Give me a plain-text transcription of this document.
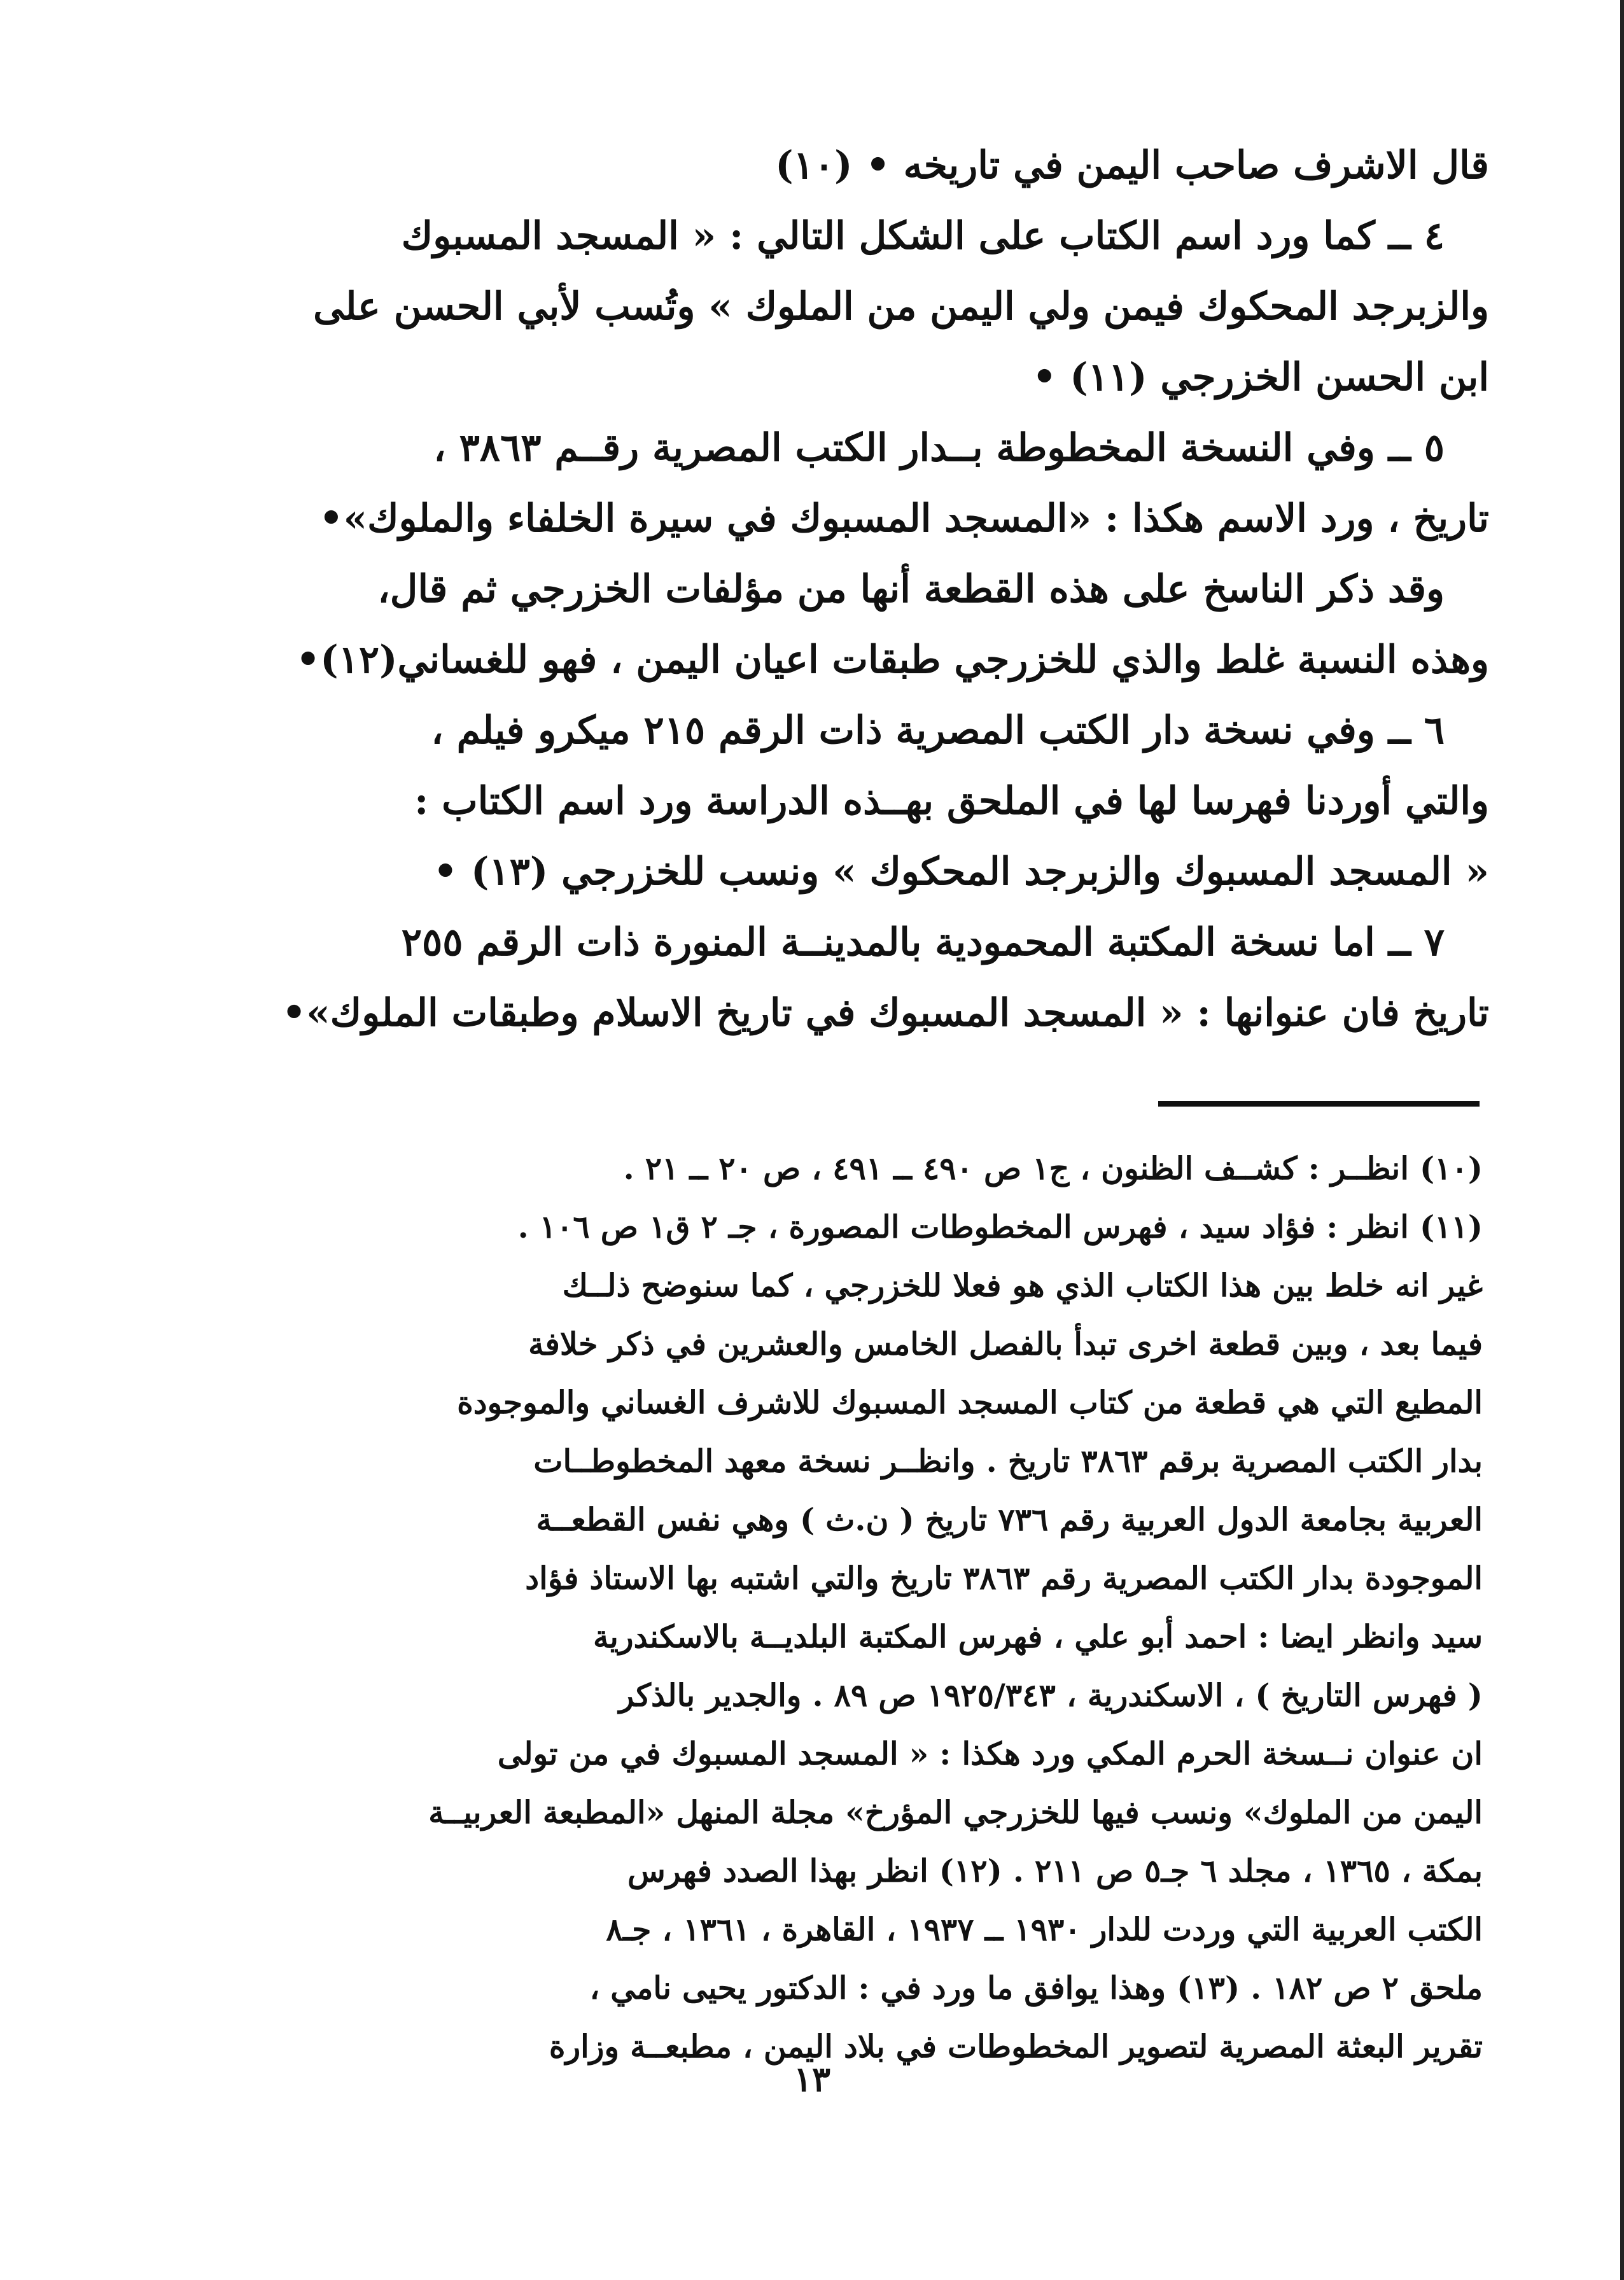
قال الاشرف صاحب اليمن في تاريخه • (١٠)
٤ ــ كما ورد اسم الكتاب على الشكل التالي : « المسجد المسبوك
والزبرجد المحكوك فيمن ولي اليمن من الملوك » وتُسب لأبي الحسن على
ابن الحسن الخزرجي (١١) •
٥ ــ وفي النسخة المخطوطة بــدار الكتب المصرية رقــم ٣٨٦٣ ،
تاريخ ، ورد الاسم هكذا : «المسجد المسبوك في سيرة الخلفاء والملوك»•
وقد ذكر الناسخ على هذه القطعة أنها من مؤلفات الخزرجي ثم قال،
وهذه النسبة غلط والذي للخزرجي طبقات اعيان اليمن ، فهو للغساني(١٢)•
٦ ــ وفي نسخة دار الكتب المصرية ذات الرقم ٢١٥ ميكرو فيلم ،
والتي أوردنا فهرسا لها في الملحق بهــذه الدراسة ورد اسم الكتاب :
« المسجد المسبوك والزبرجد المحكوك » ونسب للخزرجي (١٣) •
٧ ــ اما نسخة المكتبة المحمودية بالمدينــة المنورة ذات الرقم ٢٥٥
تاريخ فان عنوانها : « المسجد المسبوك في تاريخ الاسلام وطبقات الملوك»•
(١٠) انظــر : كشــف الظنون ، ج١ ص ٤٩٠ ــ ٤٩١ ، ص ٢٠ ــ ٢١ .
(١١) انظر : فؤاد سيد ، فهرس المخطوطات المصورة ، جـ ٢ ق١ ص ١٠٦ .
غير انه خلط بين هذا الكتاب الذي هو فعلا للخزرجي ، كما سنوضح ذلــك
فيما بعد ، وبين قطعة اخرى تبدأ بالفصل الخامس والعشرين في ذكر خلافة
المطيع التي هي قطعة من كتاب المسجد المسبوك للاشرف الغساني والموجودة
بدار الكتب المصرية برقم ٣٨٦٣ تاريخ . وانظــر نسخة معهد المخطوطــات
العربية بجامعة الدول العربية رقم ٧٣٦ تاريخ ( ن.ث ) وهي نفس القطعــة
الموجودة بدار الكتب المصرية رقم ٣٨٦٣ تاريخ والتي اشتبه بها الاستاذ فؤاد
سيد وانظر ايضا : احمد أبو علي ، فهرس المكتبة البلديــة بالاسكندرية
( فهرس التاريخ ) ، الاسكندرية ، ١٩٢٥/٣٤٣ ص ٨٩ . والجدير بالذكر
ان عنوان نــسخة الحرم المكي ورد هكذا : « المسجد المسبوك في من تولى
اليمن من الملوك» ونسب فيها للخزرجي المؤرخ» مجلة المنهل «المطبعة العربيــة
بمكة ، ١٣٦٥ ، مجلد ٦ جـ٥ ص ٢١١ . (١٢) انظر بهذا الصدد فهرس
الكتب العربية التي وردت للدار ١٩٣٠ ــ ١٩٣٧ ، القاهرة ، ١٣٦١ ، جـ٨
ملحق ٢ ص ١٨٢ . (١٣) وهذا يوافق ما ورد في : الدكتور يحيى نامي ،
تقرير البعثة المصرية لتصوير المخطوطات في بلاد اليمن ، مطبعــة وزارة
١٣
